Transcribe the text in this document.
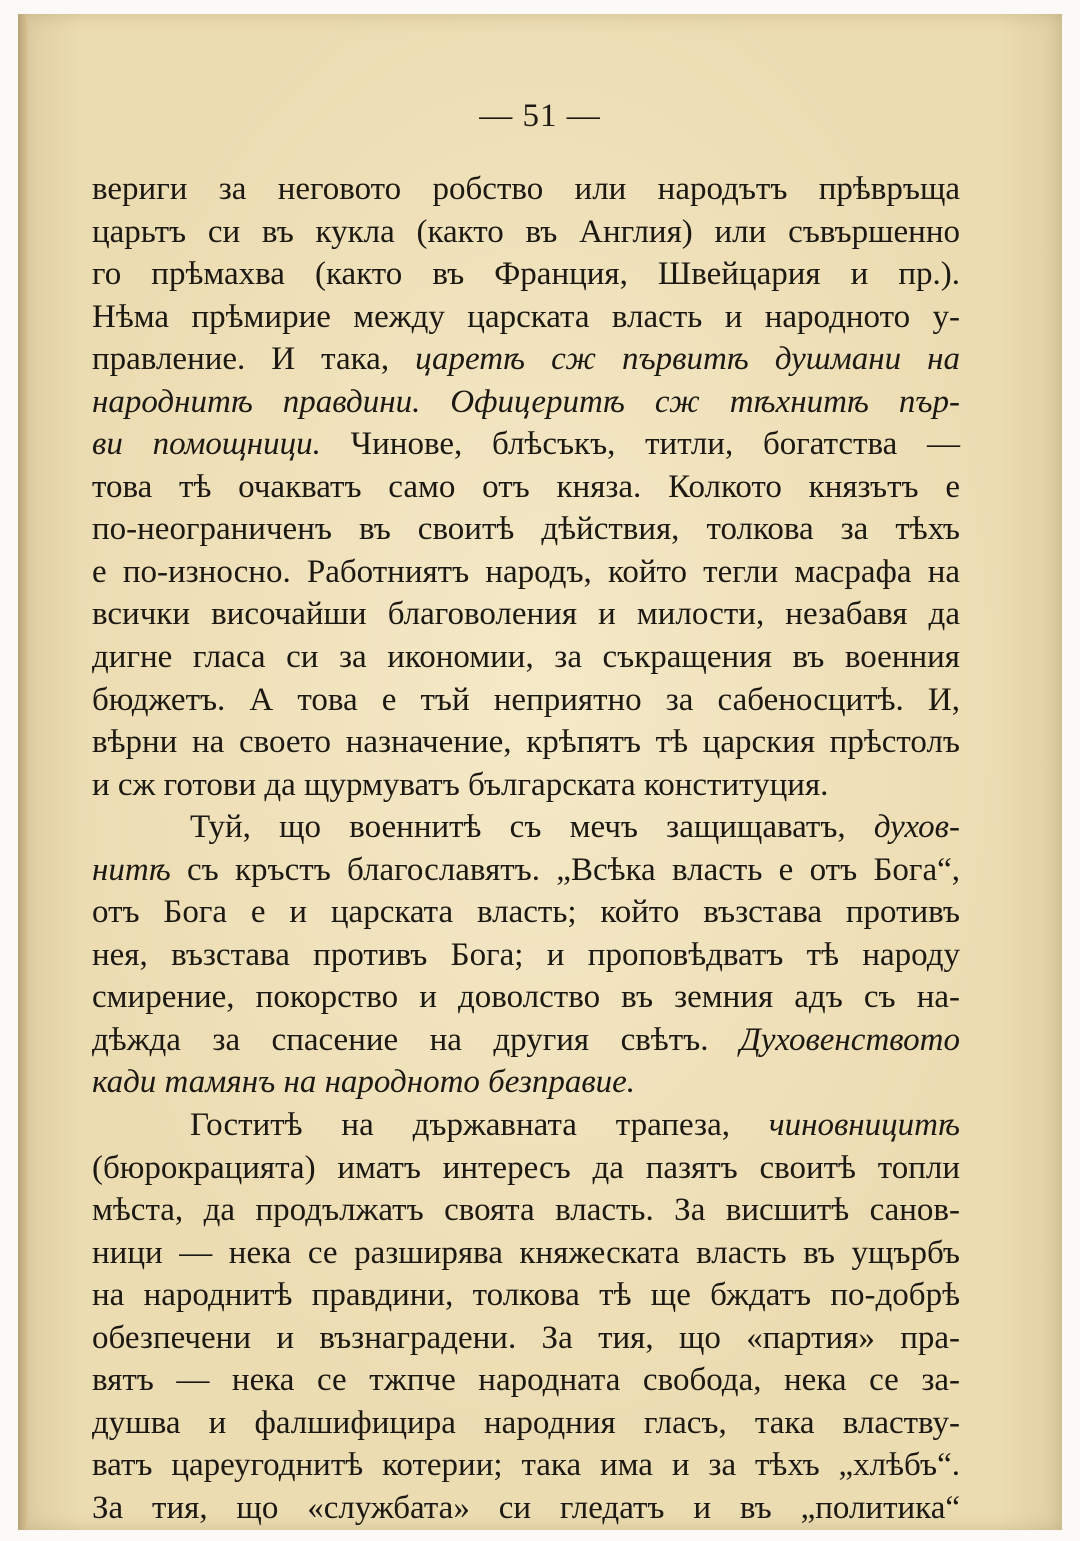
— 51 —
вериги за неговото робство или народътъ прѣвръща
царьтъ си въ кукла (както въ Англия) или съвършенно
го прѣмахва (както въ Франция, Швейцария и пр.).
Нѣма прѣмирие между царската власть и народното у-
правление. И така, царетѣ сж първитѣ душмани на
народнитѣ правдини. Офицеритѣ сж тѣхнитѣ пър-
ви помощници. Чинове, блѣсъкъ, титли, богатства —
това тѣ очакватъ само отъ княза. Колкото князътъ е
по-неограниченъ въ своитѣ дѣйствия, толкова за тѣхъ
е по-износно. Работниятъ народъ, който тегли масрафа на
всички височайши благоволения и милости, незабавя да
дигне гласа си за икономии, за съкращения въ военния
бюджетъ. А това е тъй неприятно за сабеносцитѣ. И,
вѣрни на своето назначение, крѣпятъ тѣ царския прѣстолъ
и сж готови да щурмуватъ българската конституция.
Туй, що военнитѣ съ мечъ защищаватъ, духов-
нитѣ съ кръстъ благославятъ. „Всѣка власть е отъ Бога“,
отъ Бога е и царската власть; който възстава противъ
нея, възстава противъ Бога; и проповѣдватъ тѣ народу
смирение, покорство и доволство въ земния адъ съ на-
дѣжда за спасение на другия свѣтъ. Духовенството
кади тамянъ на народното безправие.
Гоститѣ на държавната трапеза, чиновницитѣ
(бюрокрацията) иматъ интересъ да пазятъ своитѣ топли
мѣста, да продължатъ своята власть. За висшитѣ санов-
ници — нека се разширява княжеската власть въ ущърбъ
на народнитѣ правдини, толкова тѣ ще бждатъ по-добрѣ
обезпечени и възнаградени. За тия, що «партия» пра-
вятъ — нека се тжпче народната свобода, нека се за-
душва и фалшифицира народния гласъ, така властву-
ватъ цареугоднитѣ котерии; така има и за тѣхъ „хлѣбъ“.
За тия, що «службата» си гледатъ и въ „политика“
